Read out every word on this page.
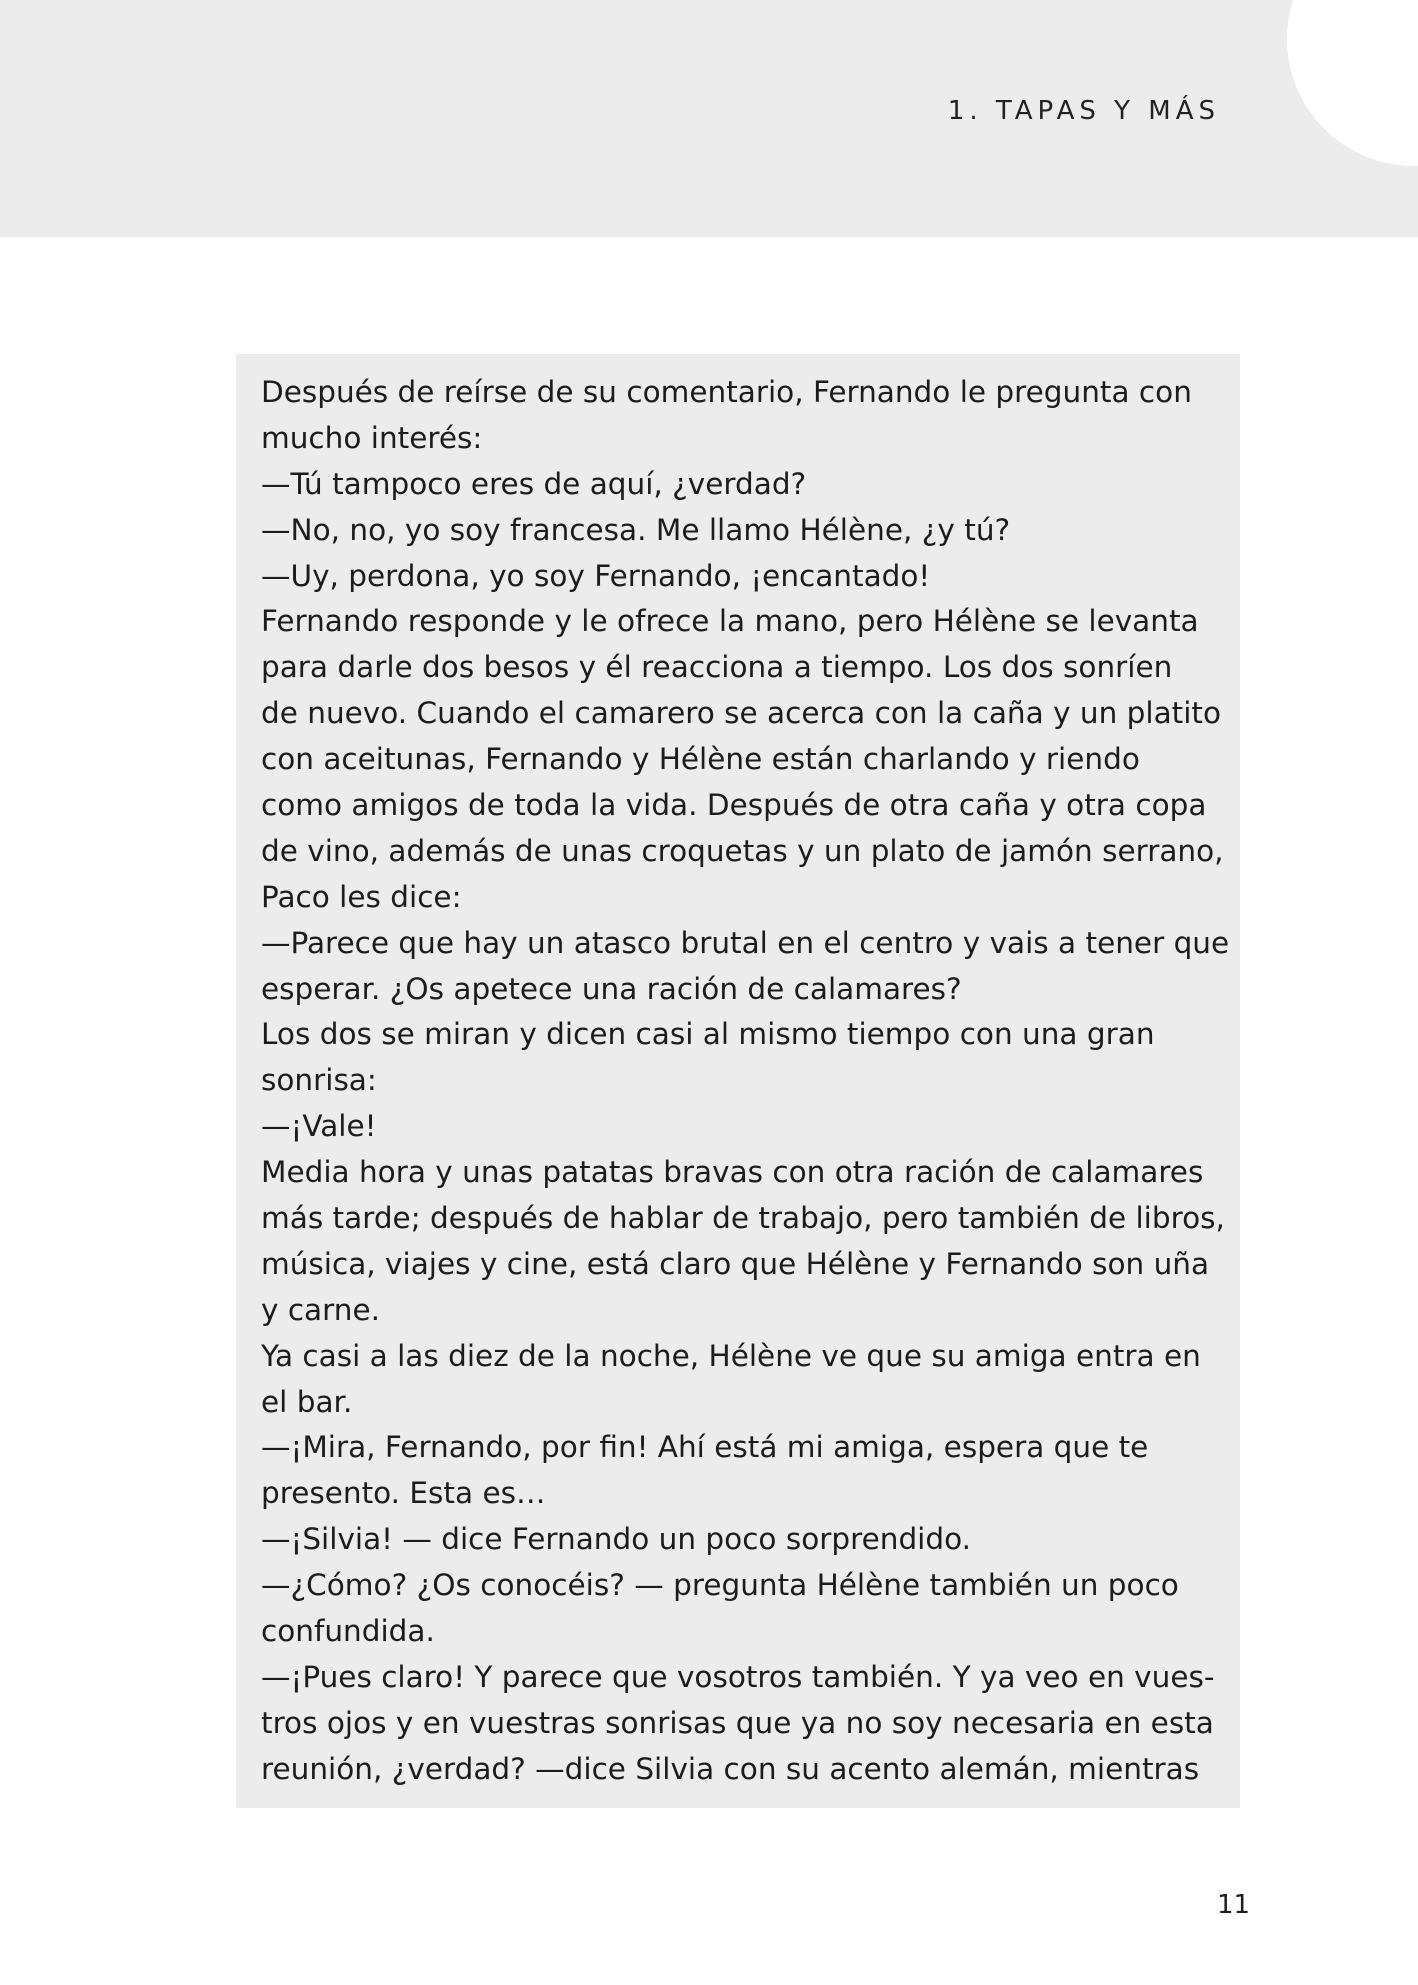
1. TAPAS Y MÁS
Después de reírse de su comentario, Fernando le pregunta con
mucho interés:
—Tú tampoco eres de aquí, ¿verdad?
—No, no, yo soy francesa. Me llamo Hélène, ¿y tú?
—Uy, perdona, yo soy Fernando, ¡encantado!
Fernando responde y le ofrece la mano, pero Hélène se levanta
para darle dos besos y él reacciona a tiempo. Los dos sonríen
de nuevo. Cuando el camarero se acerca con la caña y un platito
con aceitunas, Fernando y Hélène están charlando y riendo
como amigos de toda la vida. Después de otra caña y otra copa
de vino, además de unas croquetas y un plato de jamón serrano,
Paco les dice:
—Parece que hay un atasco brutal en el centro y vais a tener que
esperar. ¿Os apetece una ración de calamares?
Los dos se miran y dicen casi al mismo tiempo con una gran
sonrisa:
—¡Vale!
Media hora y unas patatas bravas con otra ración de calamares
más tarde; después de hablar de trabajo, pero también de libros,
música, viajes y cine, está claro que Hélène y Fernando son uña
y carne.
Ya casi a las diez de la noche, Hélène ve que su amiga entra en
el bar.
—¡Mira, Fernando, por fin! Ahí está mi amiga, espera que te
presento. Esta es…
—¡Silvia! — dice Fernando un poco sorprendido.
—¿Cómo? ¿Os conocéis? — pregunta Hélène también un poco
confundida.
—¡Pues claro! Y parece que vosotros también. Y ya veo en vues-
tros ojos y en vuestras sonrisas que ya no soy necesaria en esta
reunión, ¿verdad? —dice Silvia con su acento alemán, mientras
11
